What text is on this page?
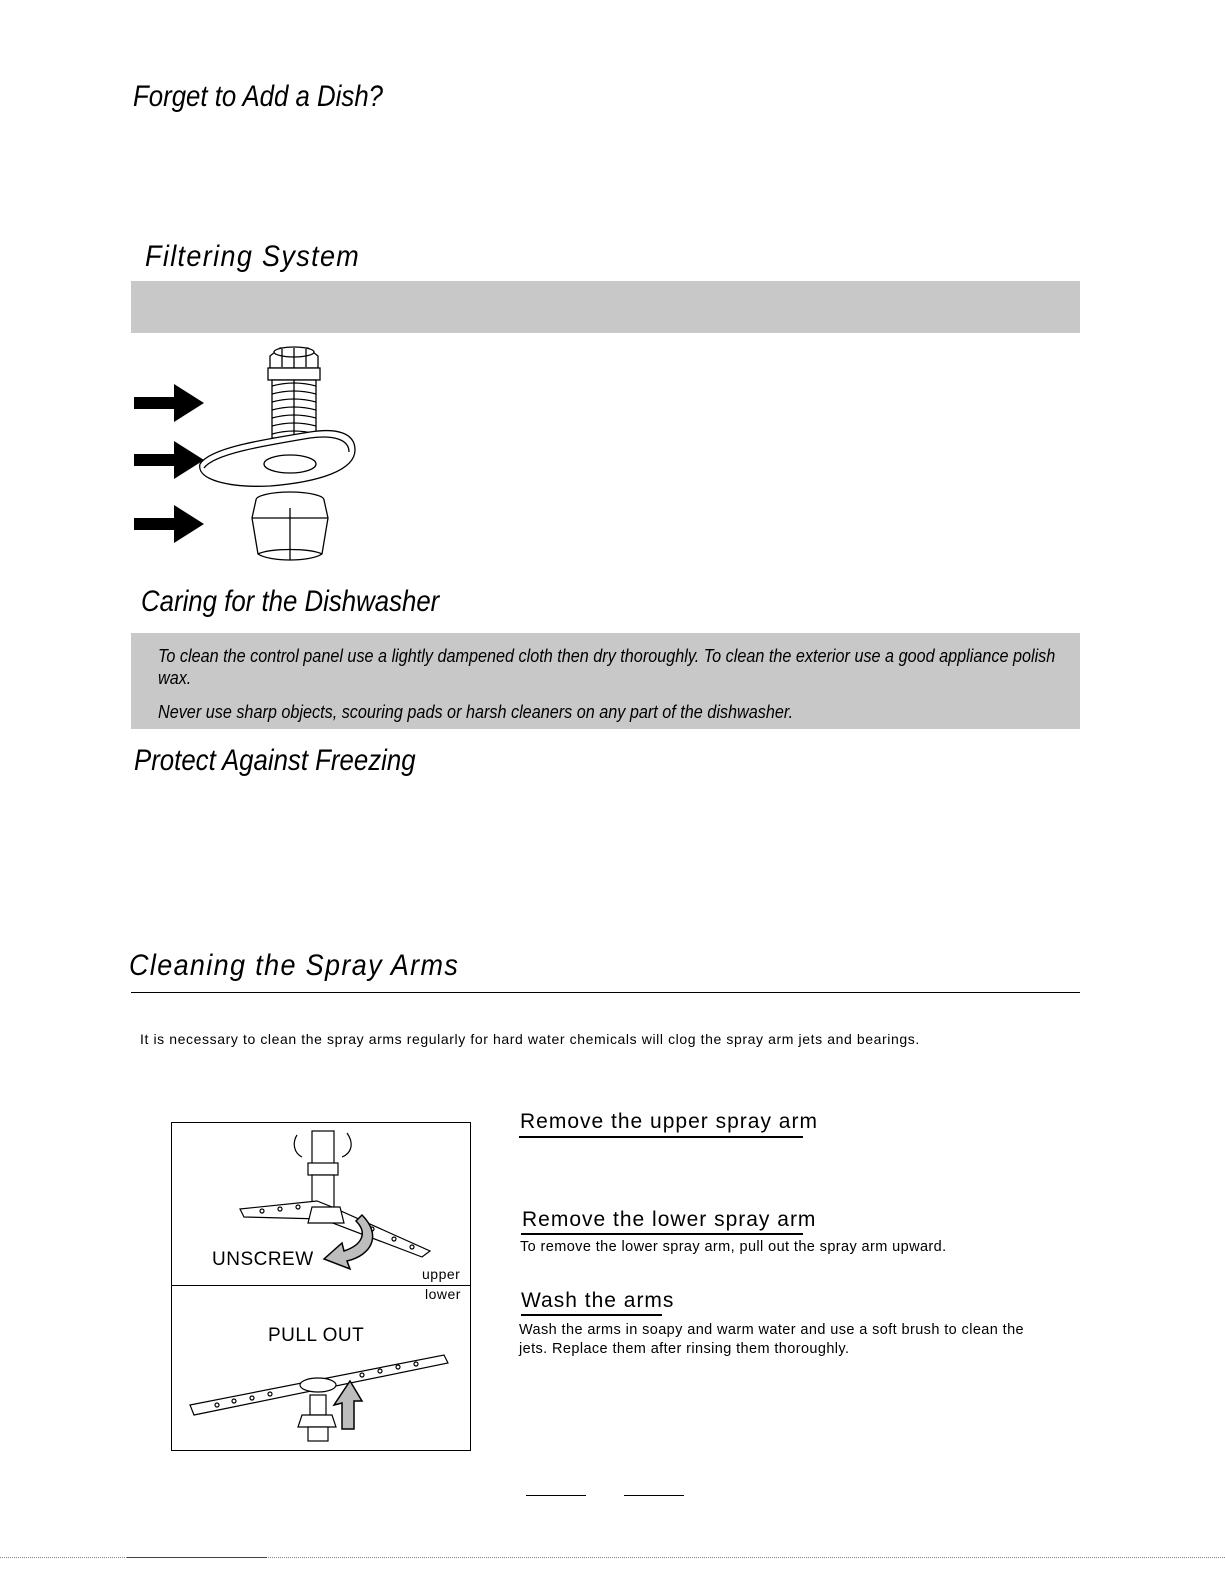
Forget to Add a Dish?
Filtering System
Caring for the Dishwasher
To clean the control panel use a lightly dampened cloth then dry thoroughly. To clean the exterior use a good appliance polish wax.
Never use sharp objects, scouring pads or harsh cleaners on any part of the dishwasher.
Protect Against Freezing
Cleaning the Spray Arms
It is necessary to clean the spray arms regularly for hard water chemicals will clog the spray arm jets and bearings.
UNSCREW
upper
lower
PULL OUT
Remove the upper spray arm
Remove the lower spray arm
To remove the lower spray arm, pull out the spray arm upward.
Wash the arms
Wash the arms in soapy and warm water and use a soft brush to clean the jets. Replace them after rinsing them thoroughly.
